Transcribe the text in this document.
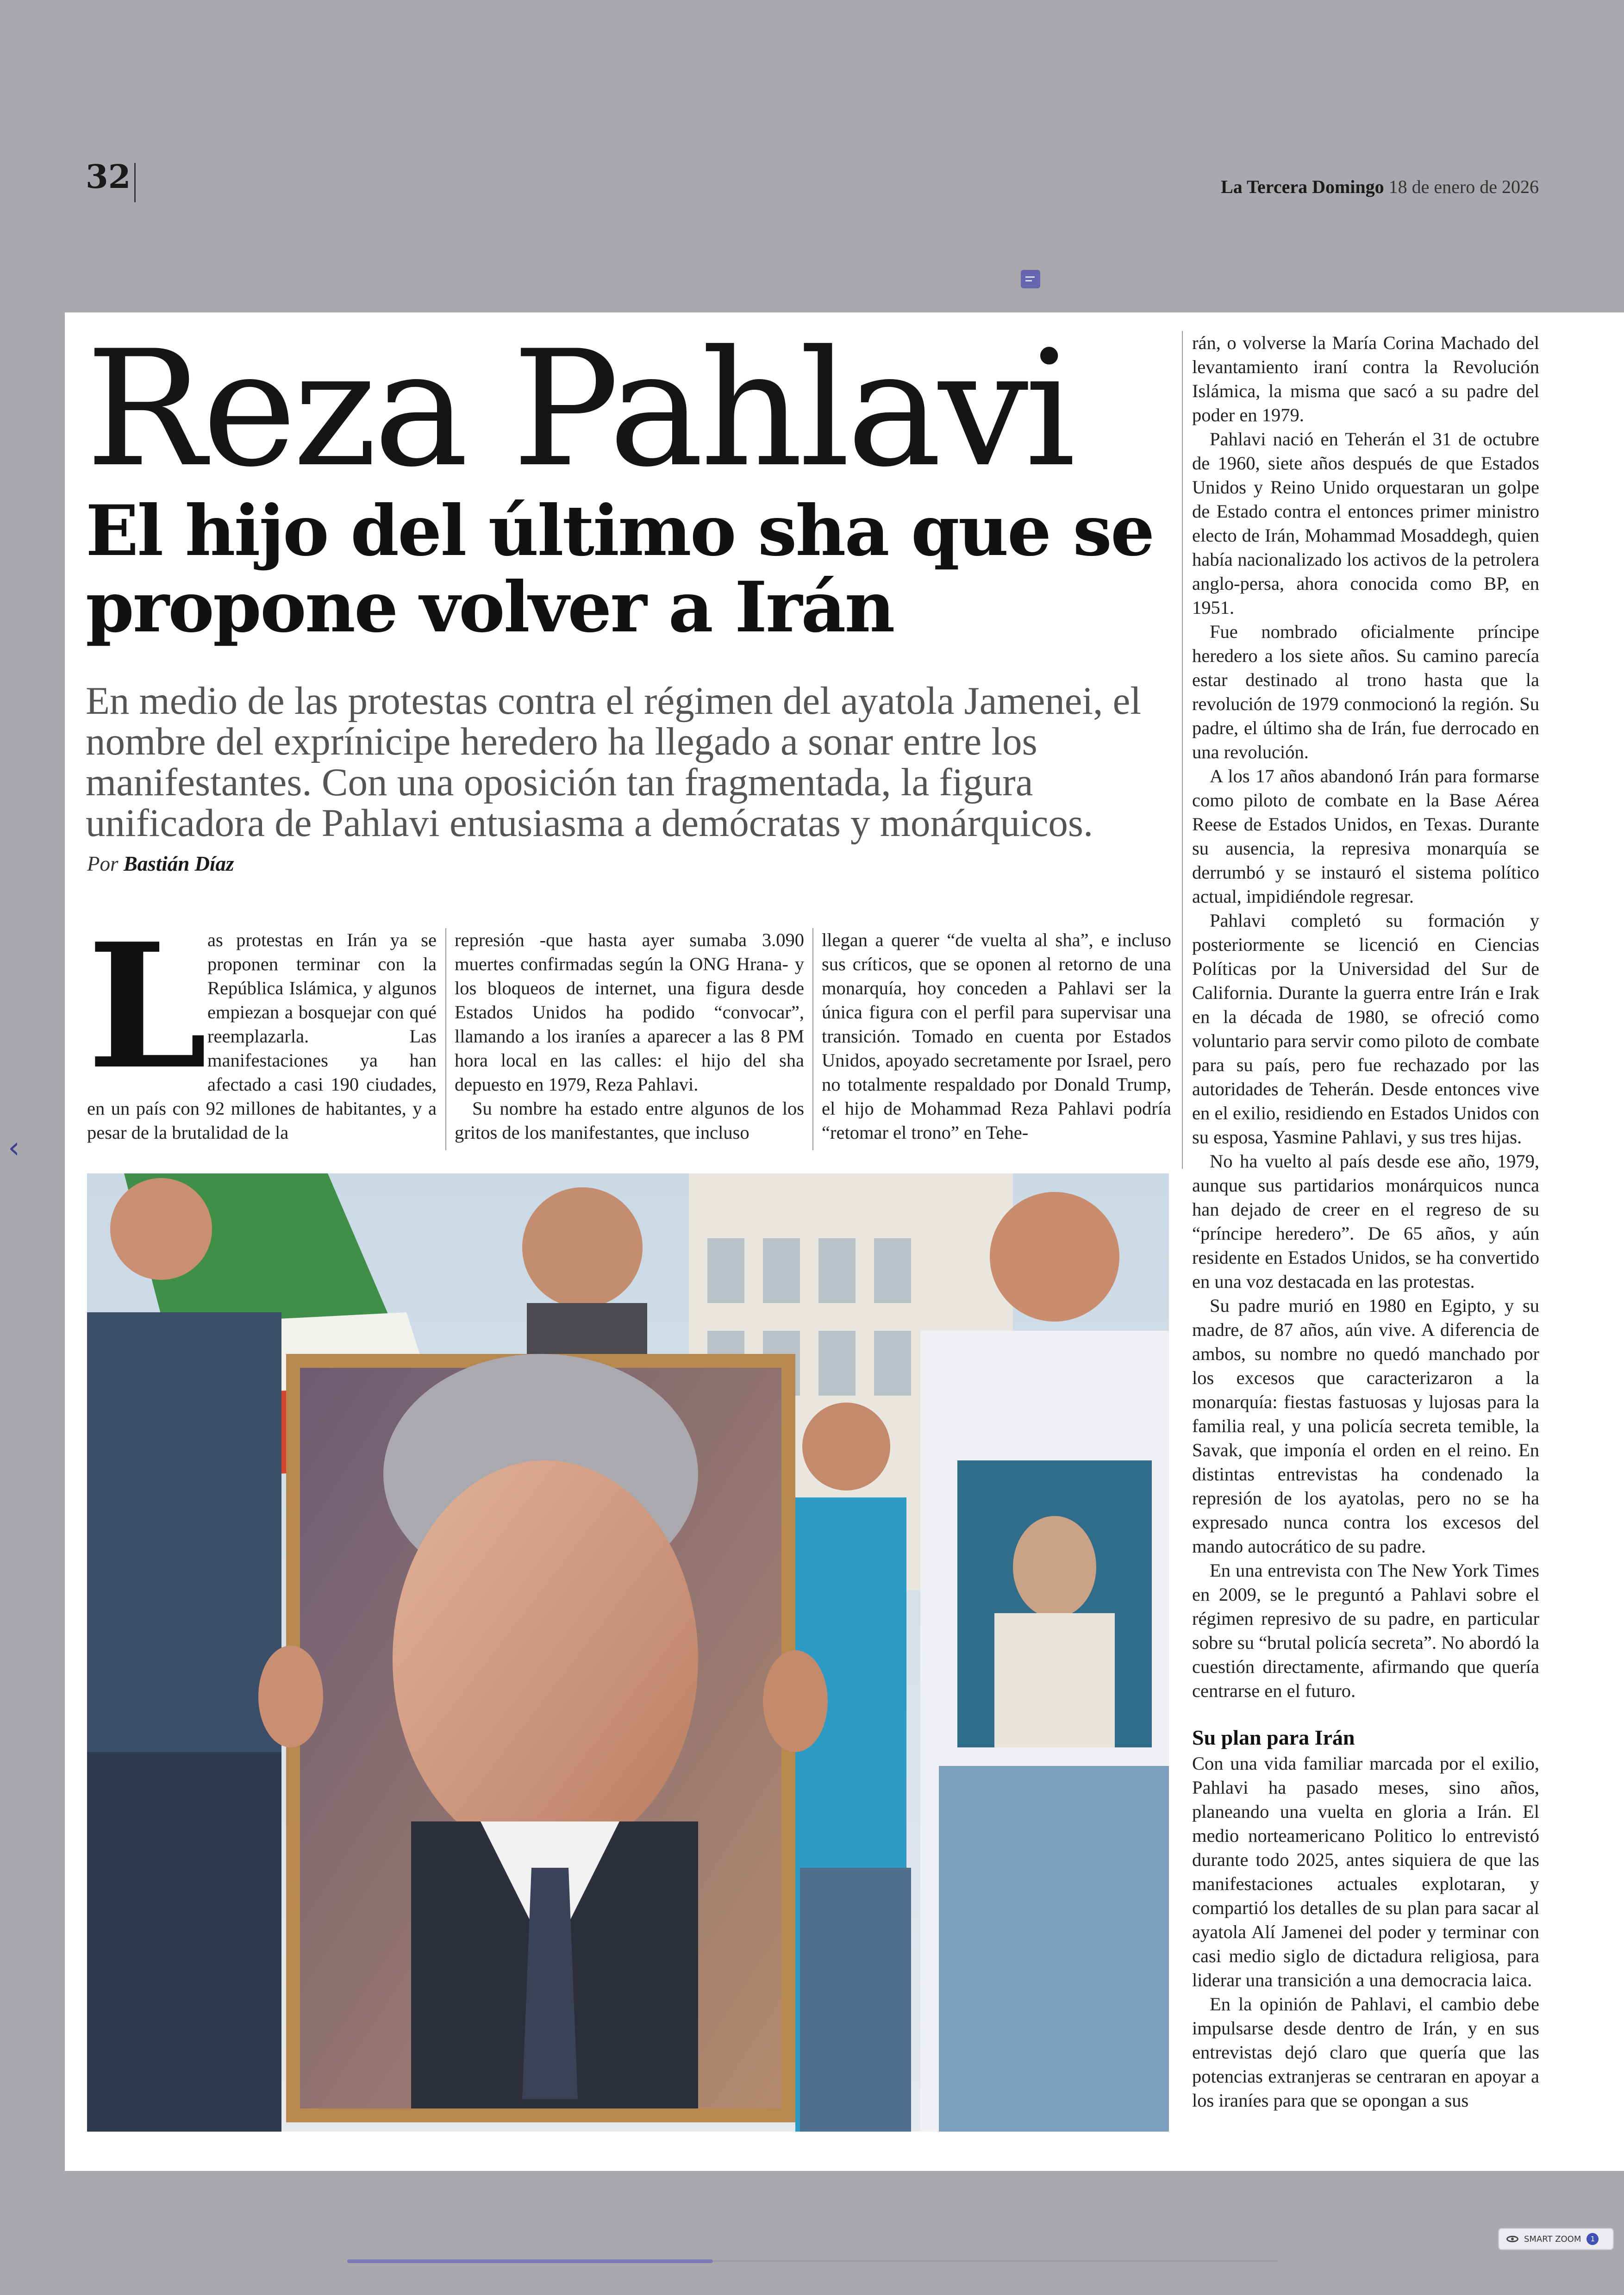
32	La Tercera Domingo 18 de enero de 2026
‹
Reza Pahlavi
El hijo del último sha que se propone volver a Irán

En medio de las protestas contra el régimen del ayatola Jamenei, el nombre del exprínicipe heredero ha llegado a sonar entre los manifestantes. Con una oposición tan fragmentada, la figura unificadora de Pahlavi entusiasma a demócratas y monárquicos.

Por Bastián Díaz
L as protestas en Irán ya se proponen terminar con la República Islámica, y algunos empiezan a bosquejar con qué reemplazarla. Las manifestaciones ya han afectado a casi 190 ciudades, en un país con 92 millones de habitantes, y a pesar de la brutalidad de la

represión -que hasta ayer sumaba 3.090 muertes confirmadas según la ONG Hrana- y los bloqueos de internet, una figura desde Estados Unidos ha podido “convocar”, llamando a los iraníes a aparecer a las 8 PM hora local en las calles: el hijo del sha depuesto en 1979, Reza Pahlavi.

Su nombre ha estado entre algunos de los gritos de los manifestantes, que incluso

llegan a querer “de vuelta al sha”, e incluso sus críticos, que se oponen al retorno de una monarquía, hoy conceden a Pahlavi ser la única figura con el perfil para supervisar una transición. Tomado en cuenta por Estados Unidos, apoyado secretamente por Israel, pero no totalmente respaldado por Donald Trump, el hijo de Mohammad Reza Pahlavi podría “retomar el trono” en Tehe-

rán, o volverse la María Corina Machado del levantamiento iraní contra la Revolución Islámica, la misma que sacó a su padre del poder en 1979.

Pahlavi nació en Teherán el 31 de octubre de 1960, siete años después de que Estados Unidos y Reino Unido orquestaran un golpe de Estado contra el entonces primer ministro electo de Irán, Mohammad Mosaddegh, quien había nacionalizado los activos de la petrolera anglo-persa, ahora conocida como BP, en 1951.

Fue nombrado oficialmente príncipe heredero a los siete años. Su camino parecía estar destinado al trono hasta que la revolución de 1979 conmocionó la región. Su padre, el último sha de Irán, fue derrocado en una revolución.

A los 17 años abandonó Irán para formarse como piloto de combate en la Base Aérea Reese de Estados Unidos, en Texas. Durante su ausencia, la represiva monarquía se derrumbó y se instauró el sistema político actual, impidiéndole regresar.

Pahlavi completó su formación y posteriormente se licenció en Ciencias Políticas por la Universidad del Sur de California. Durante la guerra entre Irán e Irak en la década de 1980, se ofreció como voluntario para servir como piloto de combate para su país, pero fue rechazado por las autoridades de Teherán. Desde entonces vive en el exilio, residiendo en Estados Unidos con su esposa, Yasmine Pahlavi, y sus tres hijas.

No ha vuelto al país desde ese año, 1979, aunque sus partidarios monárquicos nunca han dejado de creer en el regreso de su “príncipe heredero”. De 65 años, y aún residente en Estados Unidos, se ha convertido en una voz destacada en las protestas.

Su padre murió en 1980 en Egipto, y su madre, de 87 años, aún vive. A diferencia de ambos, su nombre no quedó manchado por los excesos que caracterizaron a la monarquía: fiestas fastuosas y lujosas para la familia real, y una policía secreta temible, la Savak, que imponía el orden en el reino. En distintas entrevistas ha condenado la represión de los ayatolas, pero no se ha expresado nunca contra los excesos del mando autocrático de su padre.

En una entrevista con The New York Times en 2009, se le preguntó a Pahlavi sobre el régimen represivo de su padre, en particular sobre su “brutal policía secreta”. No abordó la cuestión directamente, afirmando que quería centrarse en el futuro.

Su plan para Irán

Con una vida familiar marcada por el exilio, Pahlavi ha pasado meses, sino años, planeando una vuelta en gloria a Irán. El medio norteamericano Politico lo entrevistó durante todo 2025, antes siquiera de que las manifestaciones actuales explotaran, y compartió los detalles de su plan para sacar al ayatola Alí Jamenei del poder y terminar con casi medio siglo de dictadura religiosa, para liderar una transición a una democracia laica.

En la opinión de Pahlavi, el cambio debe impulsarse desde dentro de Irán, y en sus entrevistas dejó claro que quería que las potencias extranjeras se centraran en apoyar a los iraníes para que se opongan a sus

SMART ZOOM	1
